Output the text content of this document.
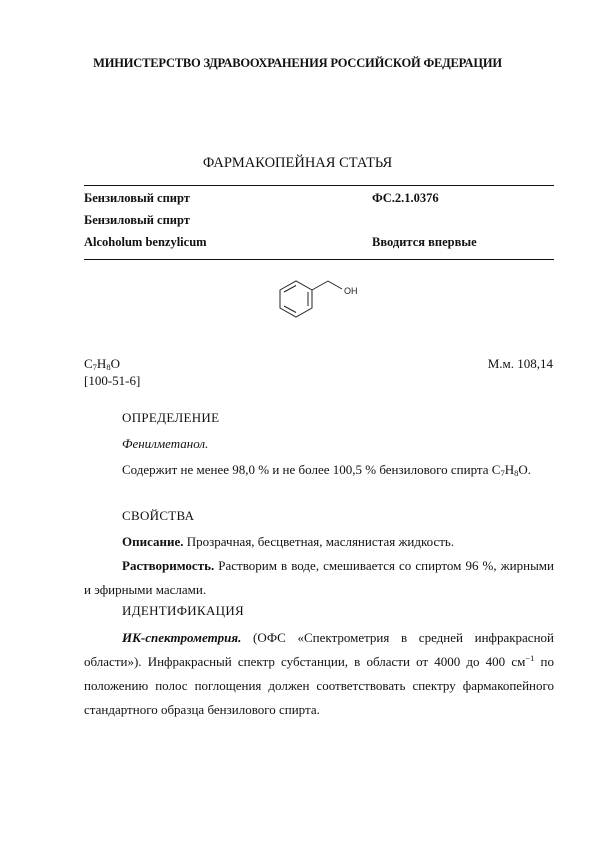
МИНИСТЕРСТВО ЗДРАВООХРАНЕНИЯ РОССИЙСКОЙ ФЕДЕРАЦИИ
ФАРМАКОПЕЙНАЯ СТАТЬЯ
Бензиловый спирт	ФС.2.1.0376
Бензиловый спирт
Alcoholum benzylicum	Вводится впервые
OH
$C_7H_8O$	М.м. 108,14
[100-51-6]
ОПРЕДЕЛЕНИЕ
Фенилметанол.
Содержит не менее 98,0 % и не более 100,5 % бензилового спирта $C_7H_8O$.
СВОЙСТВА
Описание. Прозрачная, бесцветная, маслянистая жидкость.
Растворимость. Растворим в воде, смешивается со спиртом 96 %, жирными и эфирными маслами.
ИДЕНТИФИКАЦИЯ
ИК-спектрометрия. (ОФС «Спектрометрия в средней инфракрасной области»). Инфракрасный спектр субстанции, в области от 4000 до 400 $см^{-1}$ по положению полос поглощения должен соответствовать спектру фармакопейного стандартного образца бензилового спирта.
